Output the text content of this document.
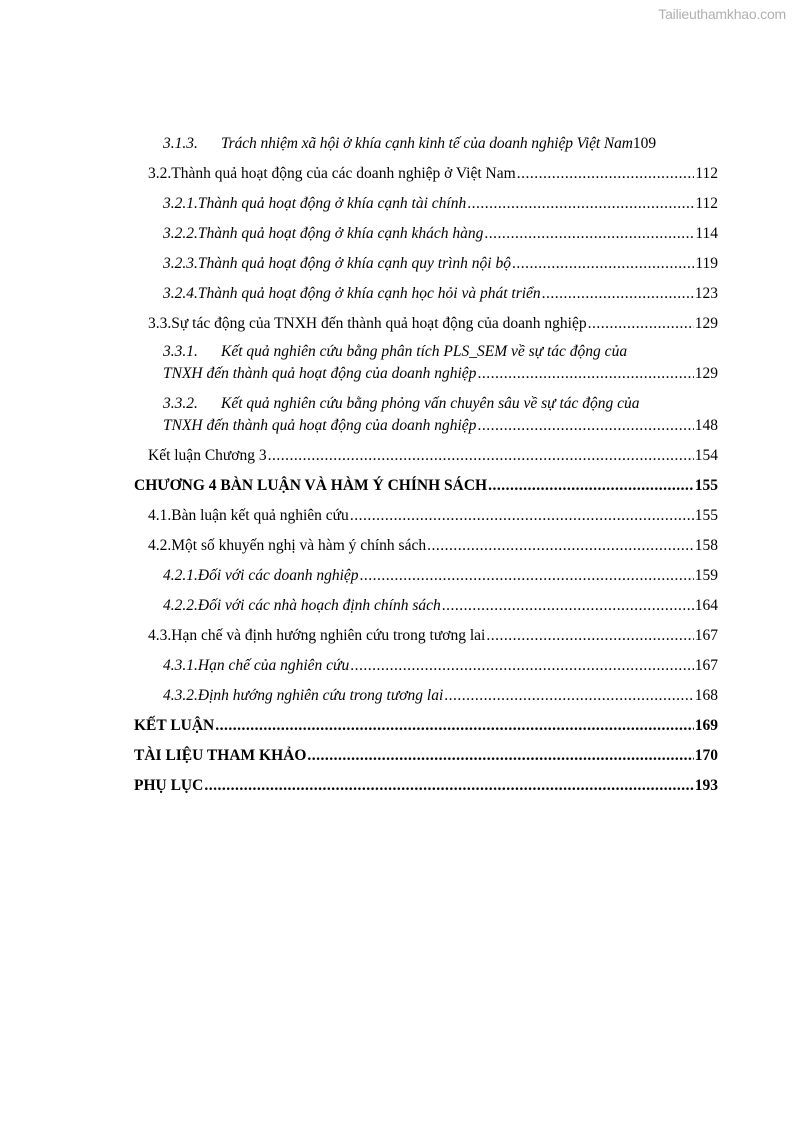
Tailieuthamkhao.com
3.1.3.	Trách nhiệm xã hội ở khía cạnh kinh tế của doanh nghiệp Việt Nam 109
3.2. Thành quả hoạt động của các doanh nghiệp ở Việt Nam .....	112
3.2.1. Thành quả hoạt động ở khía cạnh tài chính .....	112
3.2.2. Thành quả hoạt động ở khía cạnh khách hàng .....	114
3.2.3. Thành quả hoạt động ở khía cạnh quy trình nội bộ .....	119
3.2.4. Thành quả hoạt động ở khía cạnh học hỏi và phát triển .....	123
3.3. Sự tác động của TNXH đến thành quả hoạt động của doanh nghiệp .....	129
3.3.1. Kết quả nghiên cứu bằng phân tích PLS_SEM về sự tác động của
TNXH đến thành quả hoạt động của doanh nghiệp .....	129
3.3.2. Kết quả nghiên cứu bằng phỏng vấn chuyên sâu về sự tác động của
TNXH đến thành quả hoạt động của doanh nghiệp .....	148
Kết luận Chương 3 .....	154
CHƯƠNG 4 BÀN LUẬN VÀ HÀM Ý CHÍNH SÁCH .....	155
4.1. Bàn luận kết quả nghiên cứu .....	155
4.2. Một số khuyến nghị và hàm ý chính sách .....	158
4.2.1. Đối với các doanh nghiệp .....	159
4.2.2. Đối với các nhà hoạch định chính sách .....	164
4.3. Hạn chế và định hướng nghiên cứu trong tương lai .....	167
4.3.1. Hạn chế của nghiên cứu .....	167
4.3.2. Định hướng nghiên cứu trong tương lai .....	168
KẾT LUẬN .....	169
TÀI LIỆU THAM KHẢO .....	170
PHỤ LỤC .....	193
